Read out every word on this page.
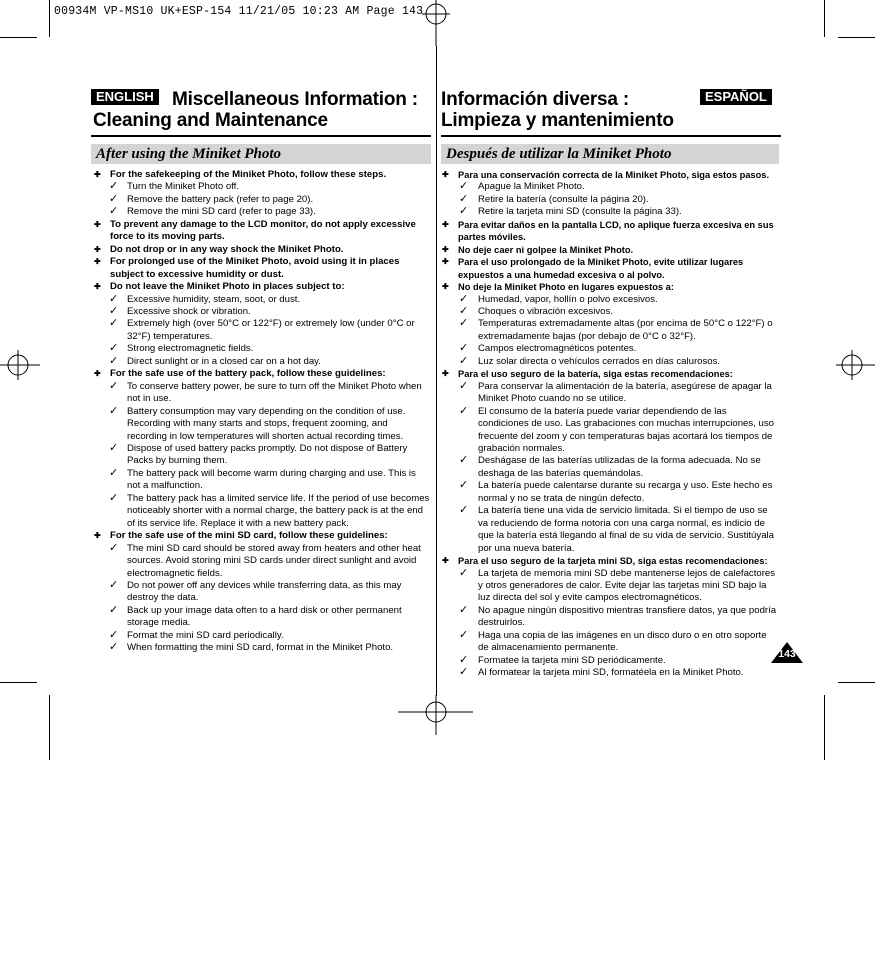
00934M VP-MS10 UK+ESP-154 11/21/05 10:23 AM Page 143
ENGLISH Miscellaneous Information :
Cleaning and Maintenance
After using the Miniket Photo
✚ For the safekeeping of the Miniket Photo, follow these steps.
✓ Turn the Miniket Photo off.
✓ Remove the battery pack (refer to page 20).
✓ Remove the mini SD card (refer to page 33).
✚ To prevent any damage to the LCD monitor, do not apply excessive force to its moving parts.
✚ Do not drop or in any way shock the Miniket Photo.
✚ For prolonged use of the Miniket Photo, avoid using it in places subject to excessive humidity or dust.
✚ Do not leave the Miniket Photo in places subject to:
✓ Excessive humidity, steam, soot, or dust.
✓ Excessive shock or vibration.
✓ Extremely high (over 50°C or 122°F) or extremely low (under 0°C or 32°F) temperatures.
✓ Strong electromagnetic fields.
✓ Direct sunlight or in a closed car on a hot day.
✚ For the safe use of the battery pack, follow these guidelines:
✓ To conserve battery power, be sure to turn off the Miniket Photo when not in use.
✓ Battery consumption may vary depending on the condition of use. Recording with many starts and stops, frequent zooming, and recording in low temperatures will shorten actual recording times.
✓ Dispose of used battery packs promptly. Do not dispose of Battery Packs by burning them.
✓ The battery pack will become warm during charging and use. This is not a malfunction.
✓ The battery pack has a limited service life. If the period of use becomes noticeably shorter with a normal charge, the battery pack is at the end of its service life. Replace it with a new battery pack.
✚ For the safe use of the mini SD card, follow these guidelines:
✓ The mini SD card should be stored away from heaters and other heat sources. Avoid storing mini SD cards under direct sunlight and avoid electromagnetic fields.
✓ Do not power off any devices while transferring data, as this may destroy the data.
✓ Back up your image data often to a hard disk or other permanent storage media.
✓ Format the mini SD card periodically.
✓ When formatting the mini SD card, format in the Miniket Photo.
ESPAÑOL
Información diversa :
Limpieza y mantenimiento
Después de utilizar la Miniket Photo
✚ Para una conservación correcta de la Miniket Photo, siga estos pasos.
✓ Apague la Miniket Photo.
✓ Retire la batería (consulte la página 20).
✓ Retire la tarjeta mini SD (consulte la página 33).
✚ Para evitar daños en la pantalla LCD, no aplique fuerza excesiva en sus partes móviles.
✚ No deje caer ni golpee la Miniket Photo.
✚ Para el uso prolongado de la Miniket Photo, evite utilizar lugares expuestos a una humedad excesiva o al polvo.
✚ No deje la Miniket Photo en lugares expuestos a:
✓ Humedad, vapor, hollín o polvo excesivos.
✓ Choques o vibración excesivos.
✓ Temperaturas extremadamente altas (por encima de 50°C o 122°F) o extremadamente bajas (por debajo de 0°C o 32°F).
✓ Campos electromagnéticos potentes.
✓ Luz solar directa o vehículos cerrados en días calurosos.
✚ Para el uso seguro de la batería, siga estas recomendaciones:
✓ Para conservar la alimentación de la batería, asegúrese de apagar la Miniket Photo cuando no se utilice.
✓ El consumo de la batería puede variar dependiendo de las condiciones de uso. Las grabaciones con muchas interrupciones, uso frecuente del zoom y con temperaturas bajas acortará los tiempos de grabación normales.
✓ Deshágase de las baterías utilizadas de la forma adecuada. No se deshaga de las baterías quemándolas.
✓ La batería puede calentarse durante su recarga y uso. Este hecho es normal y no se trata de ningún defecto.
✓ La batería tiene una vida de servicio limitada. Si el tiempo de uso se va reduciendo de forma notoria con una carga normal, es indicio de que la batería está llegando al final de su vida de servicio. Sustitúyala por una nueva batería.
✚ Para el uso seguro de la tarjeta mini SD, siga estas recomendaciones:
✓ La tarjeta de memoria mini SD debe mantenerse lejos de calefactores y otros generadores de calor. Evite dejar las tarjetas mini SD bajo la luz directa del sol y evite campos electromagnéticos.
✓ No apague ningún dispositivo mientras transfiere datos, ya que podría destruirlos.
✓ Haga una copia de las imágenes en un disco duro o en otro soporte de almacenamiento permanente.
✓ Formatee la tarjeta mini SD periódicamente.
✓ Al formatear la tarjeta mini SD, formatéela en la Miniket Photo.
143
